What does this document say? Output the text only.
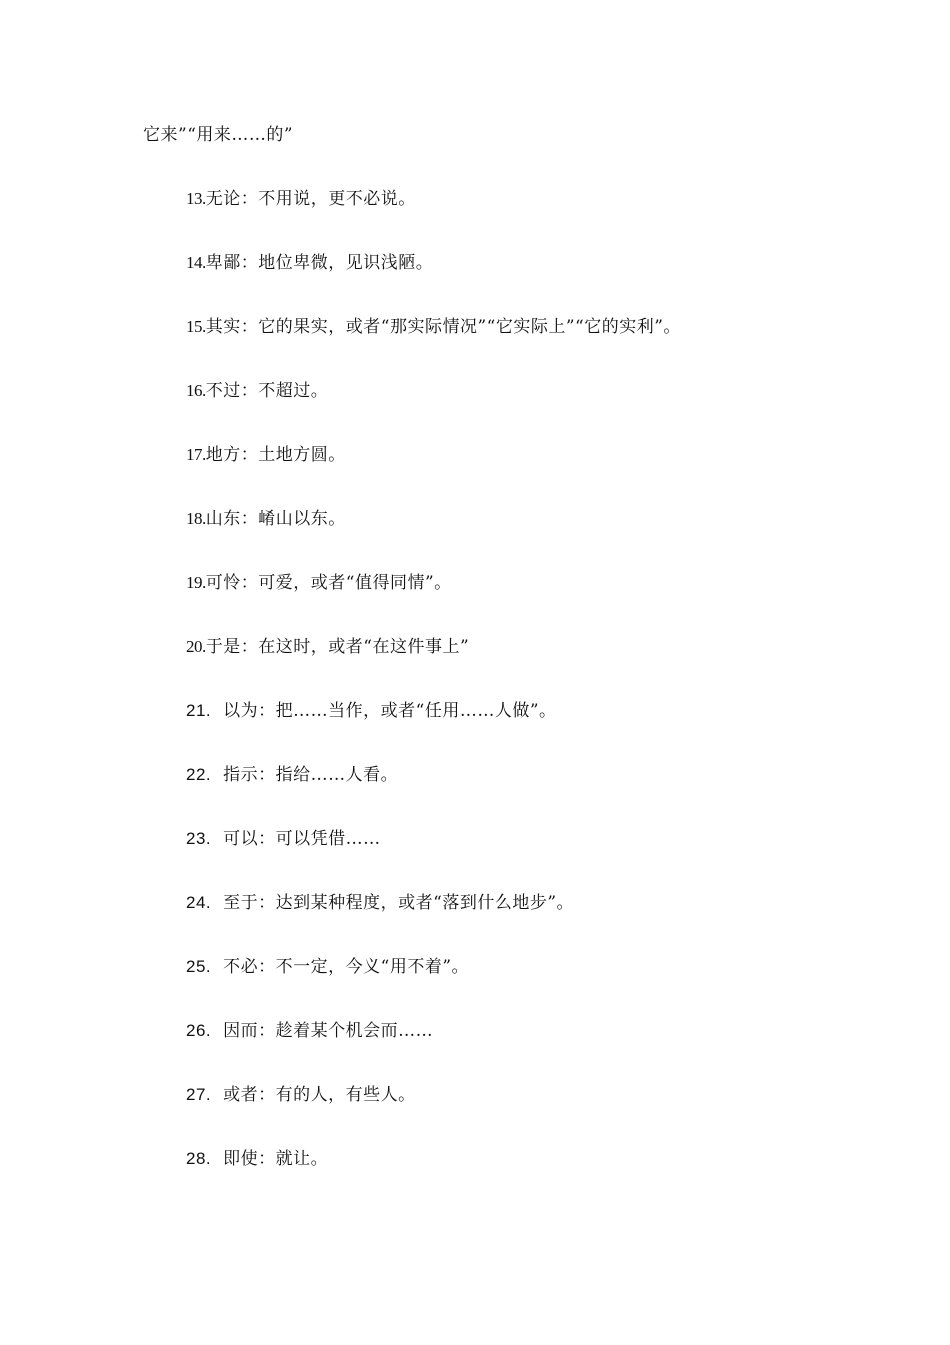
它来”“用来……的”
13.无论：不用说，更不必说。
14.卑鄙：地位卑微，见识浅陋。
15.其实：它的果实，或者“那实际情况”“它实际上”“它的实利”。
16.不过：不超过。
17.地方：土地方圆。
18.山东：崤山以东。
19.可怜：可爱，或者“值得同情”。
20.于是：在这时，或者“在这件事上”
21. 以为：把……当作，或者“任用……人做”。
22. 指示：指给……人看。
23. 可以：可以凭借……
24. 至于：达到某种程度，或者“落到什么地步”。
25. 不必：不一定，今义“用不着”。
26. 因而：趁着某个机会而……
27. 或者：有的人，有些人。
28. 即使：就让。
